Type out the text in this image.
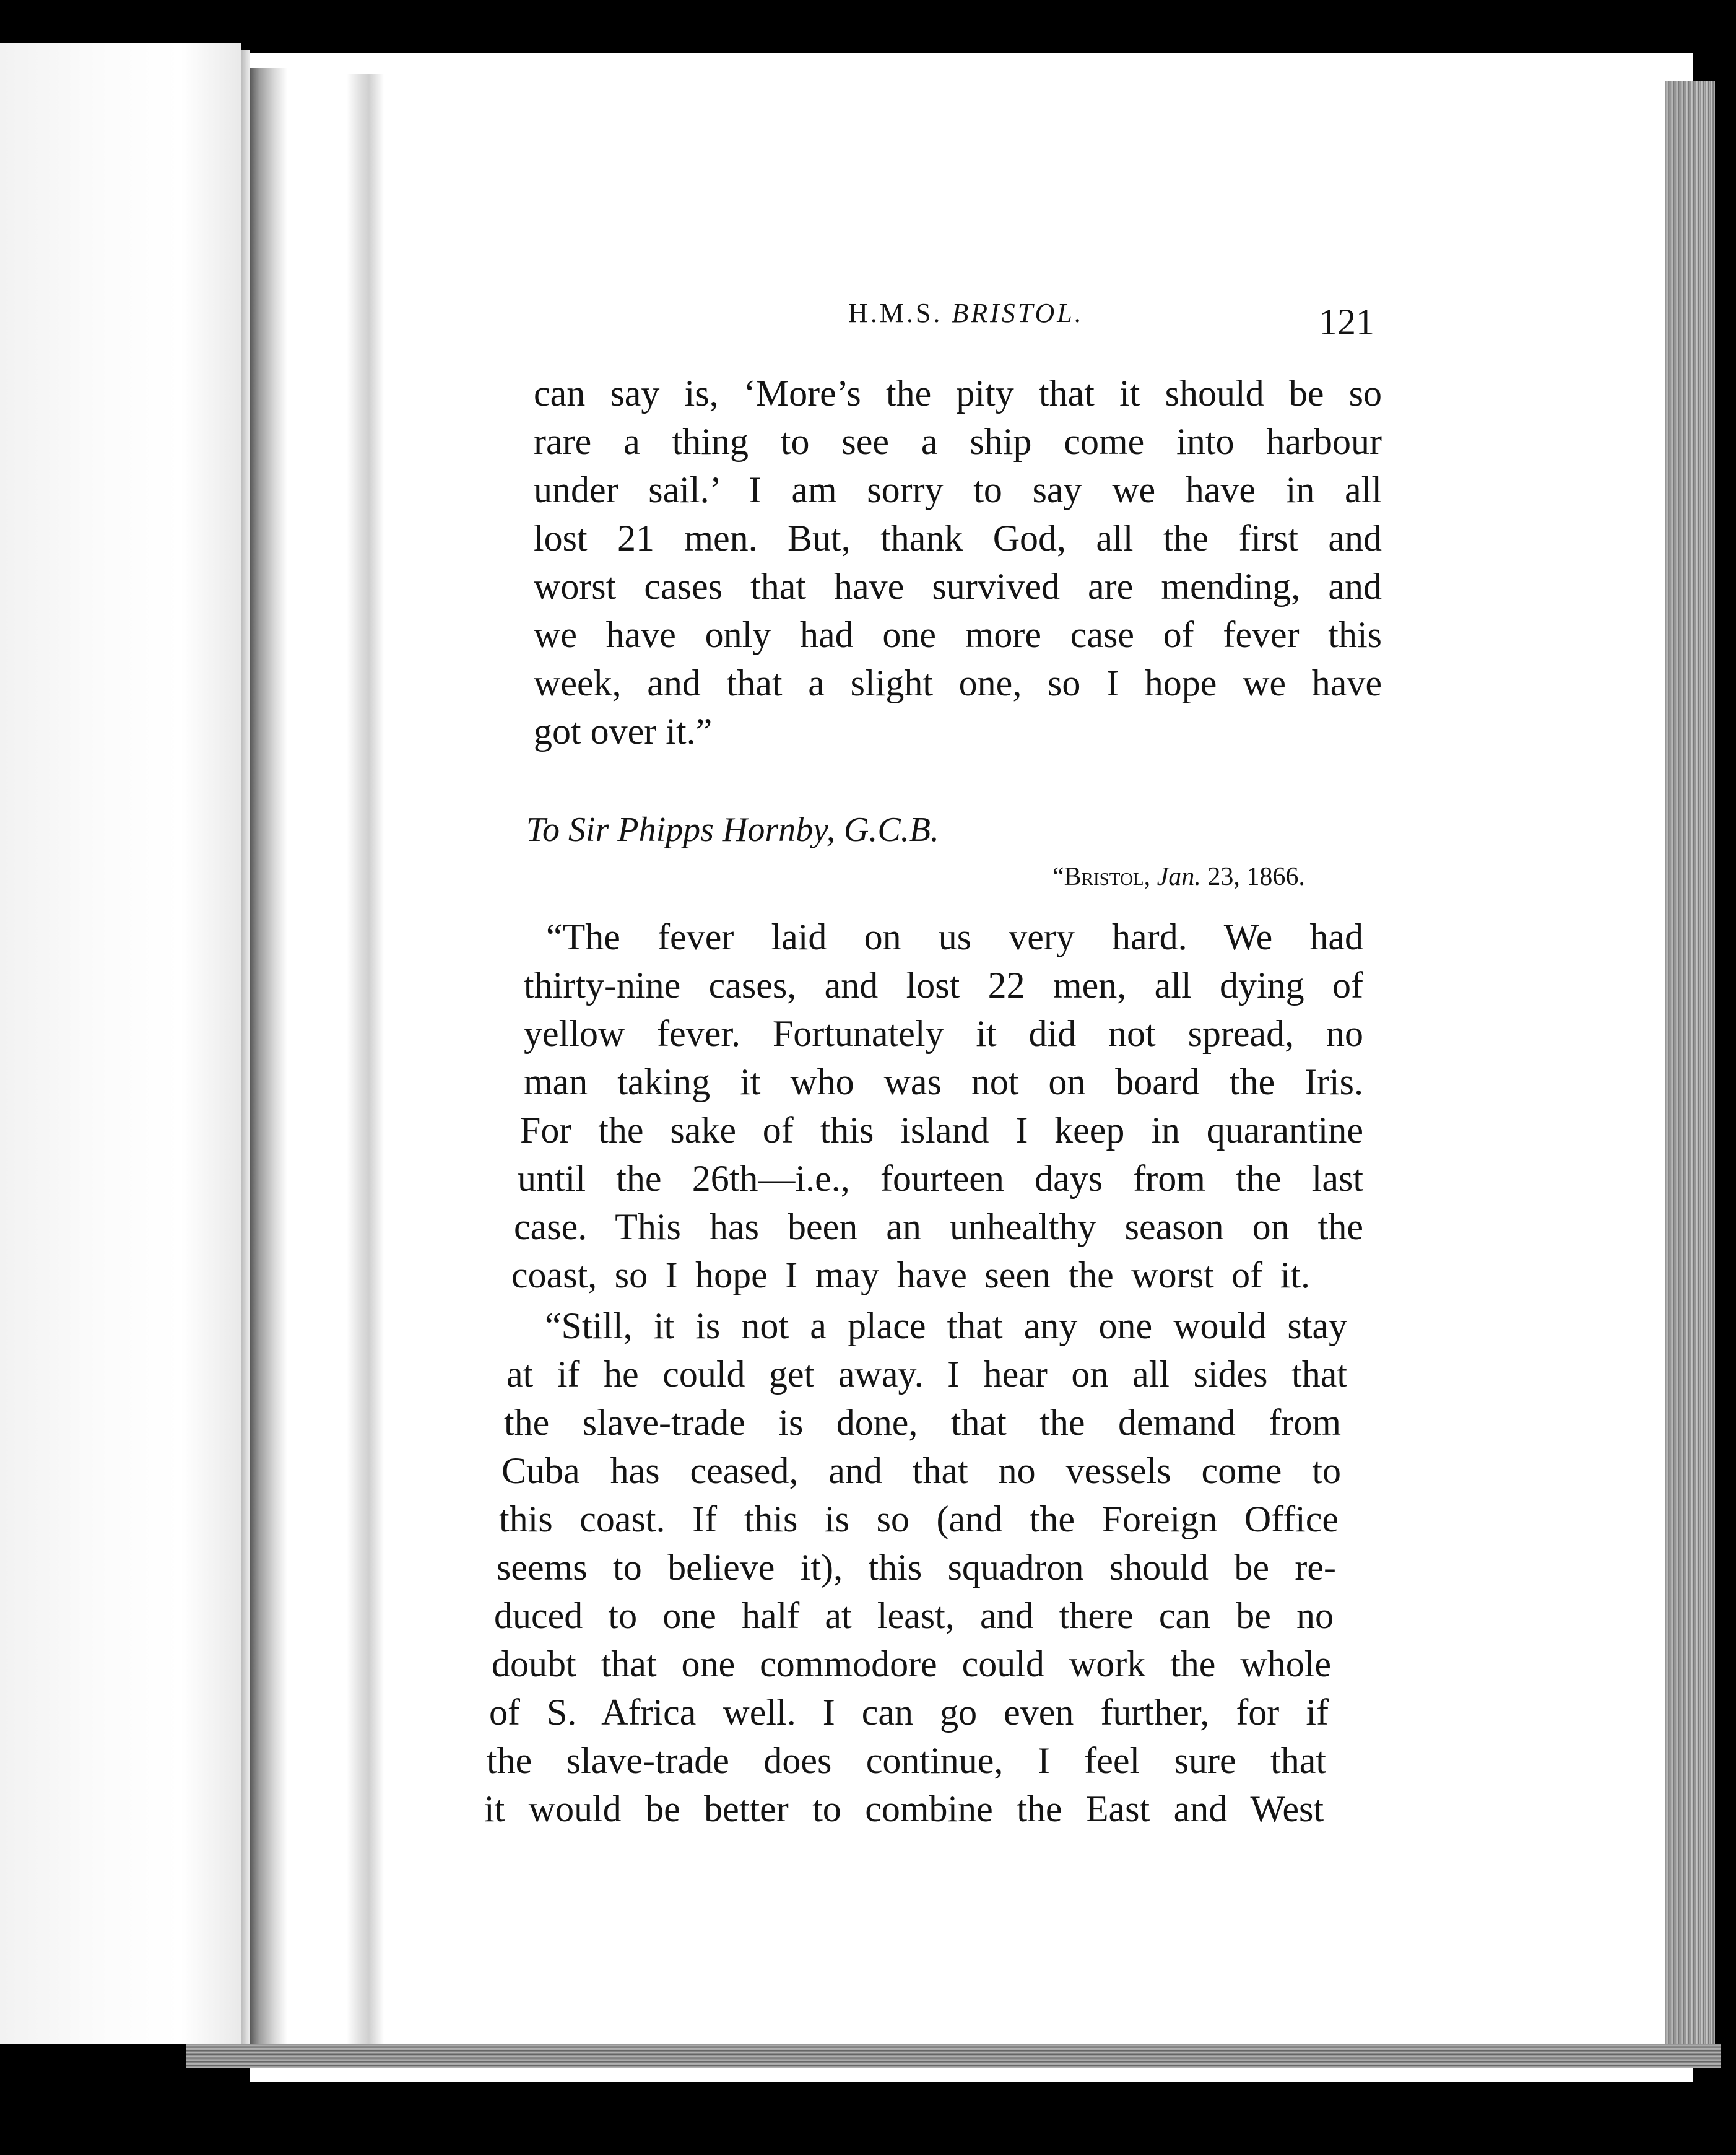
H.M.S. BRISTOL.	121
can say is, ‘More’s the pity that it should be so
rare a thing to see a ship come into harbour
under sail.’ I am sorry to say we have in all
lost 21 men. But, thank God, all the first and
worst cases that have survived are mending, and
we have only had one more case of fever this
week, and that a slight one, so I hope we have
got over it.”
To Sir Phipps Hornby, G.C.B.
“Bristol, Jan. 23, 1866.
“The fever laid on us very hard. We had
thirty-nine cases, and lost 22 men, all dying of
yellow fever. Fortunately it did not spread, no
man taking it who was not on board the Iris.
For the sake of this island I keep in quarantine
until the 26th—i.e., fourteen days from the last
case. This has been an unhealthy season on the
coast, so I hope I may have seen the worst of it.
“Still, it is not a place that any one would stay
at if he could get away. I hear on all sides that
the slave-trade is done, that the demand from
Cuba has ceased, and that no vessels come to
this coast. If this is so (and the Foreign Office
seems to believe it), this squadron should be re-
duced to one half at least, and there can be no
doubt that one commodore could work the whole
of S. Africa well. I can go even further, for if
the slave-trade does continue, I feel sure that
it would be better to combine the East and West
